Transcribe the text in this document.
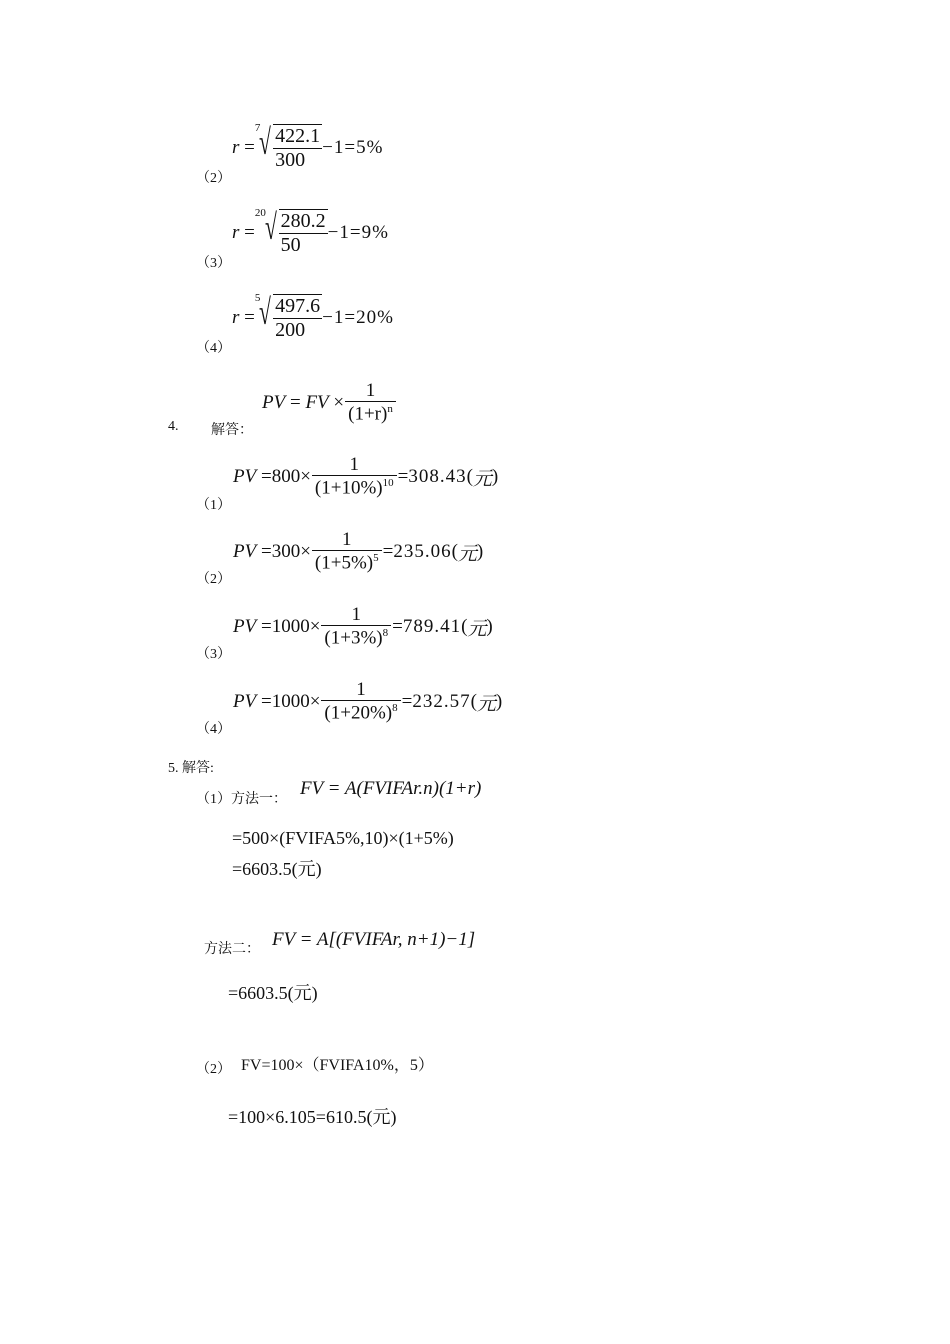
（2）
r =
7
√ $\frac{422.1}{300} -1= 5\%$
（3）
r =
20
√ $\frac{280.2}{50} -1= 9\%$
（4）
r =
5
√ $\frac{497.6}{200} -1= 20\%$
4. 解答：
PV = FV × $\frac{1}{(1+r)^n}$
（1）
PV = $800 \times \frac{1}{(1+10\%)^{10}} = 308.43$ ( 元 )
（2）
PV = $300 \times \frac{1}{(1+5\%)^5} = 235.06$ ( 元 )
（3）
PV = $1000 \times \frac{1}{(1+3\%)^8} = 789.41$ ( 元 )
（4）
PV = $1000 \times \frac{1}{(1+20\%)^8} = 232.57$ ( 元 )
5. 解答:
（1）方法一：
FV = A(FVIFAr.n)(1+r)
=500×(FVIFA5%,10)×(1+5%)
=6603.5(元)
方法二： FV = A[(FVIFAr, n+1)−1]
=6603.5(元)
（2） FV=100×（FVIFA10%，5）
=100×6.105=610.5(元)
